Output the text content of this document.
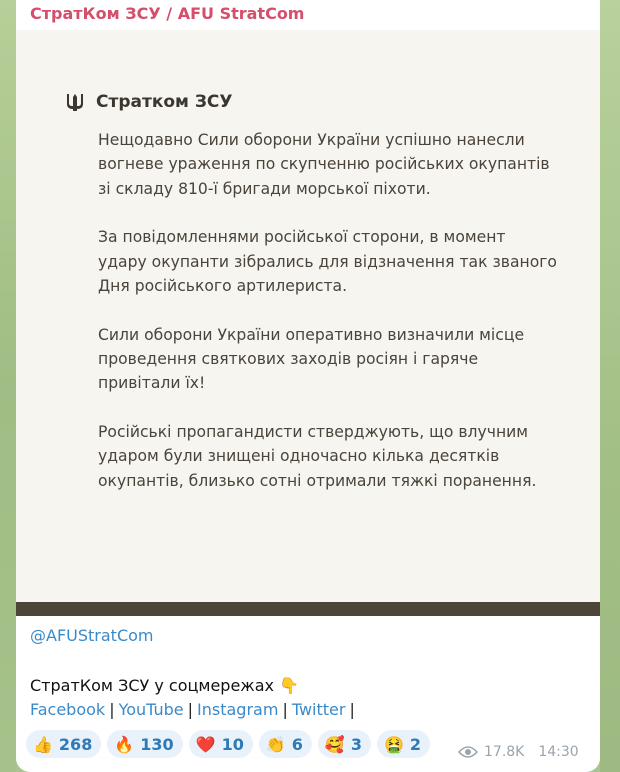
СтратКом ЗСУ / AFU StratCom
Стратком ЗСУ

Нещодавно Сили оборони України успішно нанесли вогневе ураження по скупченню російських окупантів зі складу 810-ї бригади морської піхоти.

За повідомленнями російської сторони, в момент удару окупанти зібрались для відзначення так званого Дня російського артилериста.

Сили оборони України оперативно визначили місце проведення святкових заходів росіян і гаряче привітали їх!

Російські пропагандисти стверджують, що влучним ударом були знищені одночасно кілька десятків окупантів, близько сотні отримали тяжкі поранення.

@AFUStratCom
СтратКом ЗСУ у соцмережах 👇
Facebook | YouTube | Instagram | Twitter |
👍 268 🔥 130 ❤️ 10 👏 6 🥰 3 🤮 2	17.8K 14:30
